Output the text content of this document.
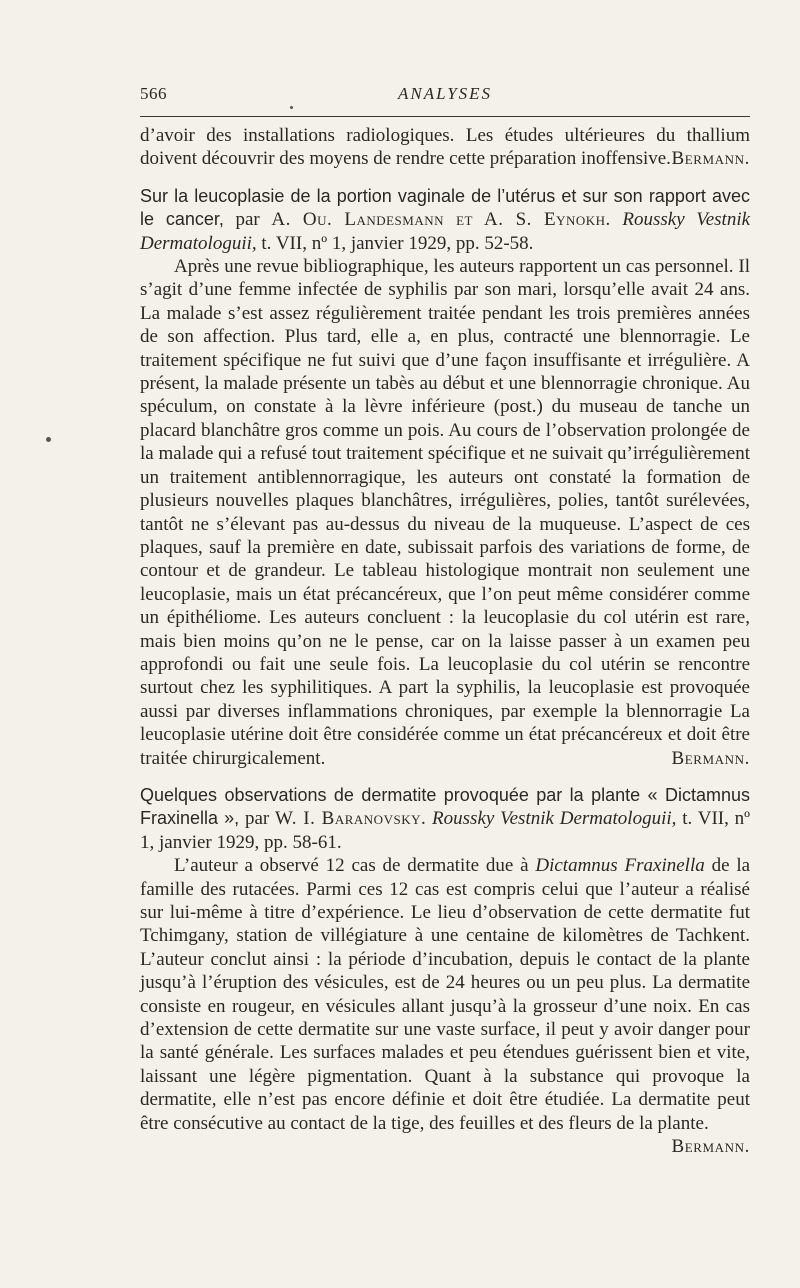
566	ANALYSES

d’avoir des installations radiologiques. Les études ultérieures du thallium doivent découvrir des moyens de rendre cette préparation inoffensive. Bermann.

Sur la leucoplasie de la portion vaginale de l’utérus et sur son rapport avec le cancer, par A. Ou. Landesmann et A. S. Eynokh. Roussky Vestnik Dermatologuii, t. VII, nº 1, janvier 1929, pp. 52-58.

Après une revue bibliographique, les auteurs rapportent un cas personnel. Il s’agit d’une femme infectée de syphilis par son mari, lorsqu’elle avait 24 ans. La malade s’est assez régulièrement traitée pendant les trois premières années de son affection. Plus tard, elle a, en plus, contracté une blennorragie. Le traitement spécifique ne fut suivi que d’une façon insuffisante et irrégulière. A présent, la malade présente un tabès au début et une blennorragie chronique. Au spéculum, on constate à la lèvre inférieure (post.) du museau de tanche un placard blanchâtre gros comme un pois. Au cours de l’observation prolongée de la malade qui a refusé tout traitement spécifique et ne suivait qu’irrégulièrement un traitement antiblennorragique, les auteurs ont constaté la formation de plusieurs nouvelles plaques blanchâtres, irrégulières, polies, tantôt surélevées, tantôt ne s’élevant pas au-dessus du niveau de la muqueuse. L’aspect de ces plaques, sauf la première en date, subissait parfois des variations de forme, de contour et de grandeur. Le tableau histologique montrait non seulement une leucoplasie, mais un état précancéreux, que l’on peut même considérer comme un épithéliome. Les auteurs concluent : la leucoplasie du col utérin est rare, mais bien moins qu’on ne le pense, car on la laisse passer à un examen peu approfondi ou fait une seule fois. La leucoplasie du col utérin se rencontre surtout chez les syphilitiques. A part la syphilis, la leucoplasie est provoquée aussi par diverses inflammations chroniques, par exemple la blennorragie La leucoplasie utérine doit être considérée comme un état précancéreux et doit être traitée chirurgicalement.	Bermann.

Quelques observations de dermatite provoquée par la plante « Dictamnus Fraxinella », par W. I. Baranovsky. Roussky Vestnik Dermatologuii, t. VII, nº 1, janvier 1929, pp. 58-61.

L’auteur a observé 12 cas de dermatite due à Dictamnus Fraxinella de la famille des rutacées. Parmi ces 12 cas est compris celui que l’auteur a réalisé sur lui-même à titre d’expérience. Le lieu d’observation de cette dermatite fut Tchimgany, station de villégiature à une centaine de kilomètres de Tachkent. L’auteur conclut ainsi : la période d’incubation, depuis le contact de la plante jusqu’à l’éruption des vésicules, est de 24 heures ou un peu plus. La dermatite consiste en rougeur, en vésicules allant jusqu’à la grosseur d’une noix. En cas d’extension de cette dermatite sur une vaste surface, il peut y avoir danger pour la santé générale. Les surfaces malades et peu étendues guérissent bien et vite, laissant une légère pigmentation. Quant à la substance qui provoque la dermatite, elle n’est pas encore définie et doit être étudiée. La dermatite peut être consécutive au contact de la tige, des feuilles et des fleurs de la plante.
Bermann.
